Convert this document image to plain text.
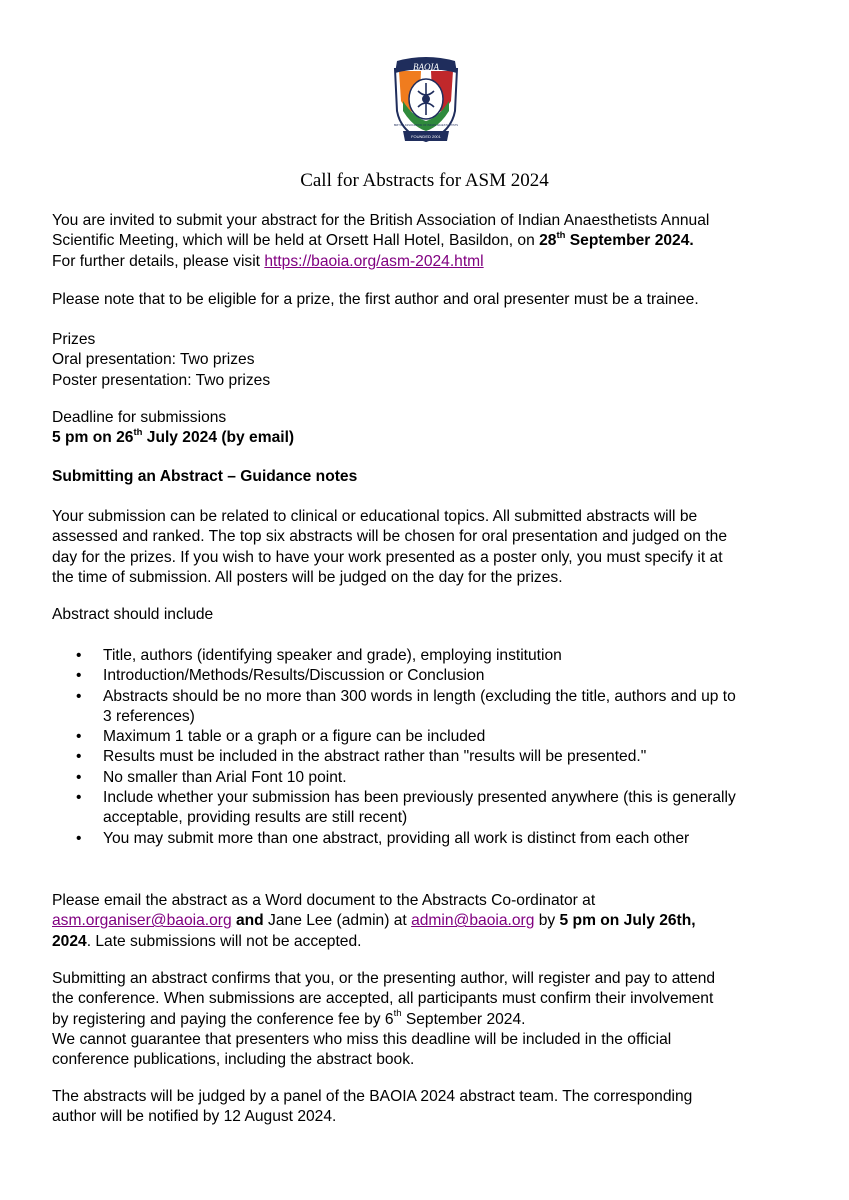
BAOIA
FOUNDED 2001
BRITISH ASSOCIATION OF INDIAN ANAESTHETISTS
Call for Abstracts for ASM 2024

You are invited to submit your abstract for the British Association of Indian Anaesthetists Annual

Scientific Meeting, which will be held at Orsett Hall Hotel, Basildon, on 28th September 2024.

For further details, please visit https://baoia.org/asm-2024.html

Please note that to be eligible for a prize, the first author and oral presenter must be a trainee.

Prizes

Oral presentation: Two prizes

Poster presentation: Two prizes

Deadline for submissions

5 pm on 26th July 2024 (by email)

Submitting an Abstract – Guidance notes

Your submission can be related to clinical or educational topics. All submitted abstracts will be

assessed and ranked. The top six abstracts will be chosen for oral presentation and judged on the

day for the prizes. If you wish to have your work presented as a poster only, you must specify it at

the time of submission. All posters will be judged on the day for the prizes.

Abstract should include
• Title, authors (identifying speaker and grade), employing institution
• Introduction/Methods/Results/Discussion or Conclusion
• Abstracts should be no more than 300 words in length (excluding the title, authors and up to
3 references)
• Maximum 1 table or a graph or a figure can be included
• Results must be included in the abstract rather than "results will be presented."
• No smaller than Arial Font 10 point.
• Include whether your submission has been previously presented anywhere (this is generally
acceptable, providing results are still recent)
• You may submit more than one abstract, providing all work is distinct from each other

Please email the abstract as a Word document to the Abstracts Co-ordinator at

asm.organiser@baoia.org and Jane Lee (admin) at admin@baoia.org by 5 pm on July 26th,

2024. Late submissions will not be accepted.

Submitting an abstract confirms that you, or the presenting author, will register and pay to attend

the conference. When submissions are accepted, all participants must confirm their involvement

by registering and paying the conference fee by 6th September 2024.

We cannot guarantee that presenters who miss this deadline will be included in the official

conference publications, including the abstract book.

The abstracts will be judged by a panel of the BAOIA 2024 abstract team. The corresponding

author will be notified by 12 August 2024.
